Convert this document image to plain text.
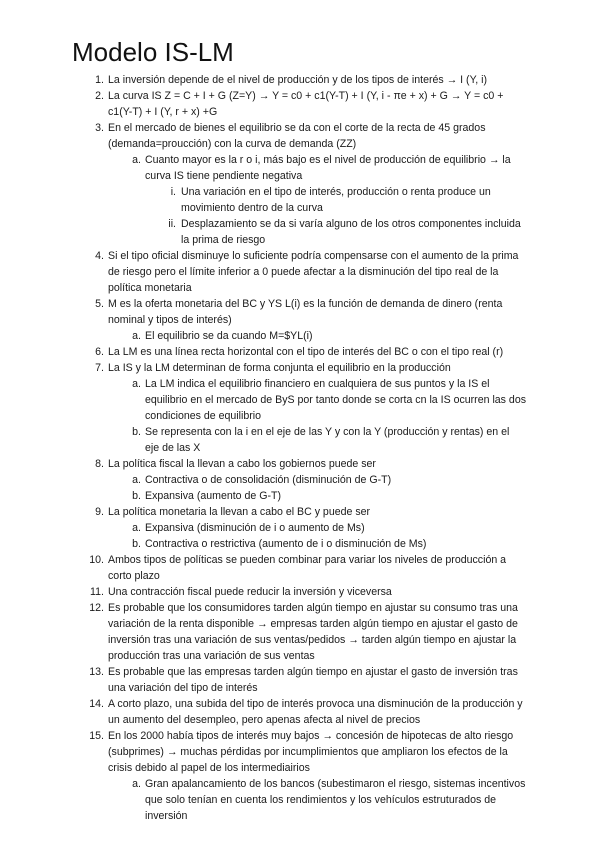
Modelo IS-LM
1. La inversión depende de el nivel de producción y de los tipos de interés → I (Y, i)
2. La curva IS Z = C + I + G (Z=Y) → Y = c0 + c1(Y-T) + I (Y, i - πe + x) + G → Y = c0 + c1(Y-T) + I (Y, r + x) +G
3. En el mercado de bienes el equilibrio se da con el corte de la recta de 45 grados (demanda=proucción) con la curva de demanda (ZZ)
a. Cuanto mayor es la r o i, más bajo es el nivel de producción de equilibrio → la curva IS tiene pendiente negativa
i. Una variación en el tipo de interés, producción o renta produce un movimiento dentro de la curva
ii. Desplazamiento se da si varía alguno de los otros componentes incluida la prima de riesgo
4. Si el tipo oficial disminuye lo suficiente podría compensarse con el aumento de la prima de riesgo pero el límite inferior a 0 puede afectar a la disminución del tipo real de la política monetaria
5. M es la oferta monetaria del BC y YS L(i) es la función de demanda de dinero (renta nominal y tipos de interés)
a. El equilibrio se da cuando M=$YL(i)
6. La LM es una línea recta horizontal con el tipo de interés del BC o con el tipo real (r)
7. La IS y la LM determinan de forma conjunta el equilibrio en la producción
a. La LM indica el equilibrio financiero en cualquiera de sus puntos y la IS el equilibrio en el mercado de ByS por tanto donde se corta cn la IS ocurren las dos condiciones de equilibrio
b. Se representa con la i en el eje de las Y y con la Y (producción y rentas) en el eje de las X
8. La política fiscal la llevan a cabo los gobiernos puede ser
a. Contractiva o de consolidación (disminución de G-T)
b. Expansiva (aumento de G-T)
9. La política monetaria la llevan a cabo el BC y puede ser
a. Expansiva (disminución de i o aumento de Ms)
b. Contractiva o restrictiva (aumento de i o disminución de Ms)
10. Ambos tipos de políticas se pueden combinar para variar los niveles de producción a corto plazo
11. Una contracción fiscal puede reducir la inversión y viceversa
12. Es probable que los consumidores tarden algún tiempo en ajustar su consumo tras una variación de la renta disponible → empresas tarden algún tiempo en ajustar el gasto de inversión tras una variación de sus ventas/pedidos → tarden algún tiempo en ajustar la producción tras una variación de sus ventas
13. Es probable que las empresas tarden algún tiempo en ajustar el gasto de inversión tras una variación del tipo de interés
14. A corto plazo, una subida del tipo de interés provoca una disminución de la producción y un aumento del desempleo, pero apenas afecta al nivel de precios
15. En los 2000 había tipos de interés muy bajos → concesión de hipotecas de alto riesgo (subprimes) → muchas pérdidas por incumplimientos que ampliaron los efectos de la crisis debido al papel de los intermediairios
a. Gran apalancamiento de los bancos (subestimaron el riesgo, sistemas incentivos que solo tenían en cuenta los rendimientos y los vehículos estruturados de inversión
